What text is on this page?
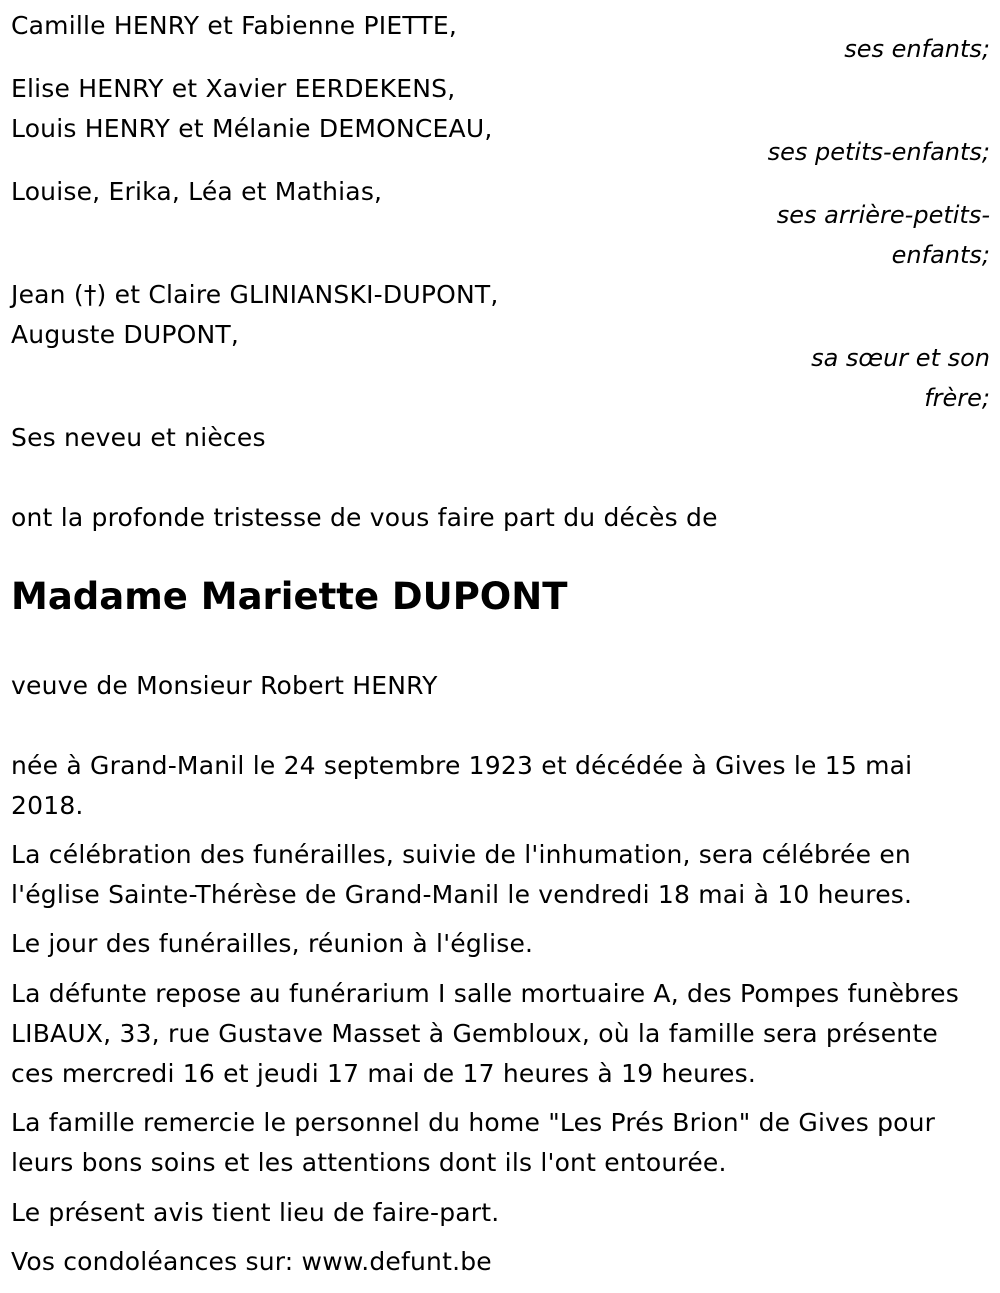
Camille HENRY et Fabienne PIETTE,
ses enfants;
Elise HENRY et Xavier EERDEKENS,
Louis HENRY et Mélanie DEMONCEAU,
ses petits-enfants;
Louise, Erika, Léa et Mathias,
ses arrière-petits-
enfants;
Jean (†) et Claire GLINIANSKI-DUPONT,
Auguste DUPONT,
sa sœur et son
frère;
Ses neveu et nièces
ont la profonde tristesse de vous faire part du décès de
Madame Mariette DUPONT
veuve de Monsieur Robert HENRY
née à Grand-Manil le 24 septembre 1923 et décédée à Gives le 15 mai 2018.
La célébration des funérailles, suivie de l'inhumation, sera célébrée en l'église Sainte-Thérèse de Grand-Manil le vendredi 18 mai à 10 heures.
Le jour des funérailles, réunion à l'église.
La défunte repose au funérarium I salle mortuaire A, des Pompes funèbres LIBAUX, 33, rue Gustave Masset à Gembloux, où la famille sera présente ces mercredi 16 et jeudi 17 mai de 17 heures à 19 heures.
La famille remercie le personnel du home "Les Prés Brion" de Gives pour leurs bons soins et les attentions dont ils l'ont entourée.
Le présent avis tient lieu de faire-part.
Vos condoléances sur: www.defunt.be
